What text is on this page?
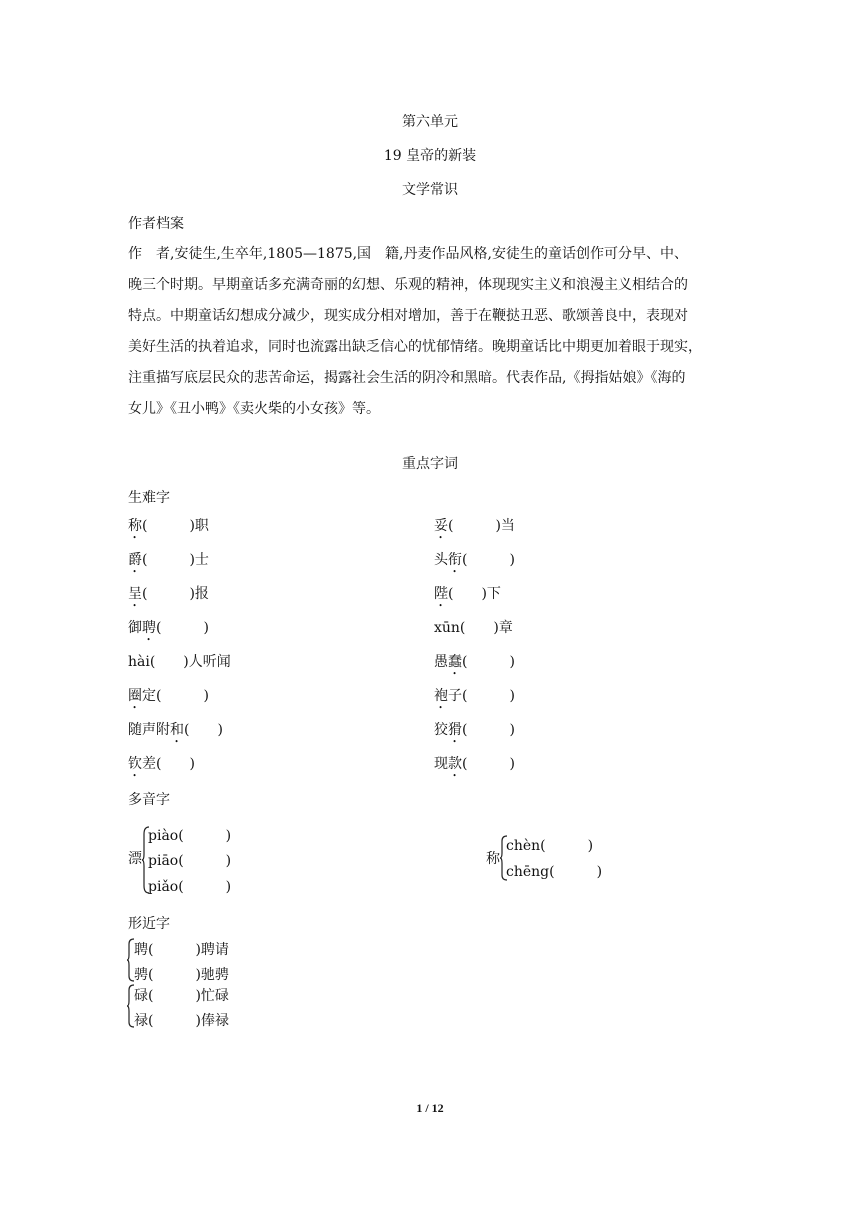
第六单元
19 皇帝的新装
文学常识
作者档案
作　者,安徒生,生卒年,1805—1875,国　籍,丹麦作品风格,安徒生的童话创作可分早、中、
晚三个时期。早期童话多充满奇丽的幻想、乐观的精神，体现现实主义和浪漫主义相结合的
特点。中期童话幻想成分减少，现实成分相对增加，善于在鞭挞丑恶、歌颂善良中，表现对
美好生活的执着追求，同时也流露出缺乏信心的忧郁情绪。晚期童话比中期更加着眼于现实，
注重描写底层民众的悲苦命运，揭露社会生活的阴冷和黑暗。代表作品,《拇指姑娘》《海的
女儿》《丑小鸭》《卖火柴的小女孩》等。
重点字词
生难字
称(　　　)职
爵(　　　)士
呈(　　　)报
御聘(　　　)
hài(　　)人听闻
圈定(　　　)
随声附和(　　)
钦差(　　)
妥(　　　)当
头衔(　　　)
陛(　　)下
xūn(　　)章
愚蠢(　　　)
袍子(　　　)
狡猾(　　　)
现款(　　　)
多音字
漂
piào(　　　)
piāo(　　　)
piǎo(　　　)
称
chèn(　　　)
chēng(　　　)
形近字
聘(　　　)聘请
骋(　　　)驰骋
碌(　　　)忙碌
禄(　　　)俸禄
1 / 12
